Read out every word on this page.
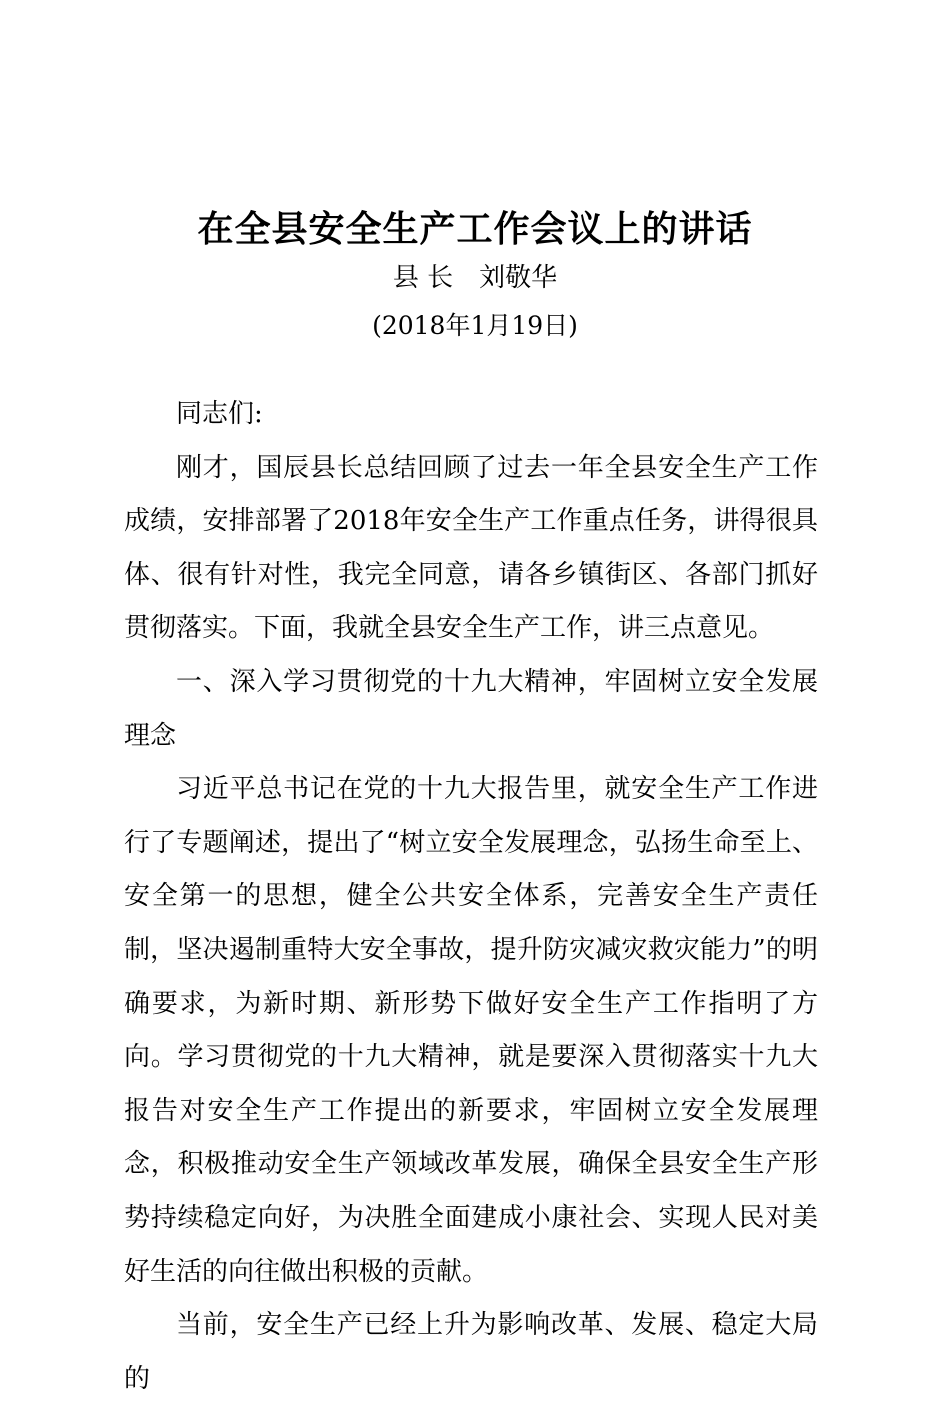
在全县安全生产工作会议上的讲话
县 长　刘敬华
(2018年1月19日)

同志们:

刚才，国辰县长总结回顾了过去一年全县安全生产工作成绩，安排部署了2018年安全生产工作重点任务，讲得很具体、很有针对性，我完全同意，请各乡镇街区、各部门抓好贯彻落实。下面，我就全县安全生产工作，讲三点意见。

一、深入学习贯彻党的十九大精神，牢固树立安全发展理念

习近平总书记在党的十九大报告里，就安全生产工作进行了专题阐述，提出了“树立安全发展理念，弘扬生命至上、安全第一的思想，健全公共安全体系，完善安全生产责任制，坚决遏制重特大安全事故，提升防灾减灾救灾能力”的明确要求，为新时期、新形势下做好安全生产工作指明了方向。学习贯彻党的十九大精神，就是要深入贯彻落实十九大报告对安全生产工作提出的新要求，牢固树立安全发展理念，积极推动安全生产领域改革发展，确保全县安全生产形势持续稳定向好，为决胜全面建成小康社会、实现人民对美好生活的向往做出积极的贡献。

当前，安全生产已经上升为影响改革、发展、稳定大局的
